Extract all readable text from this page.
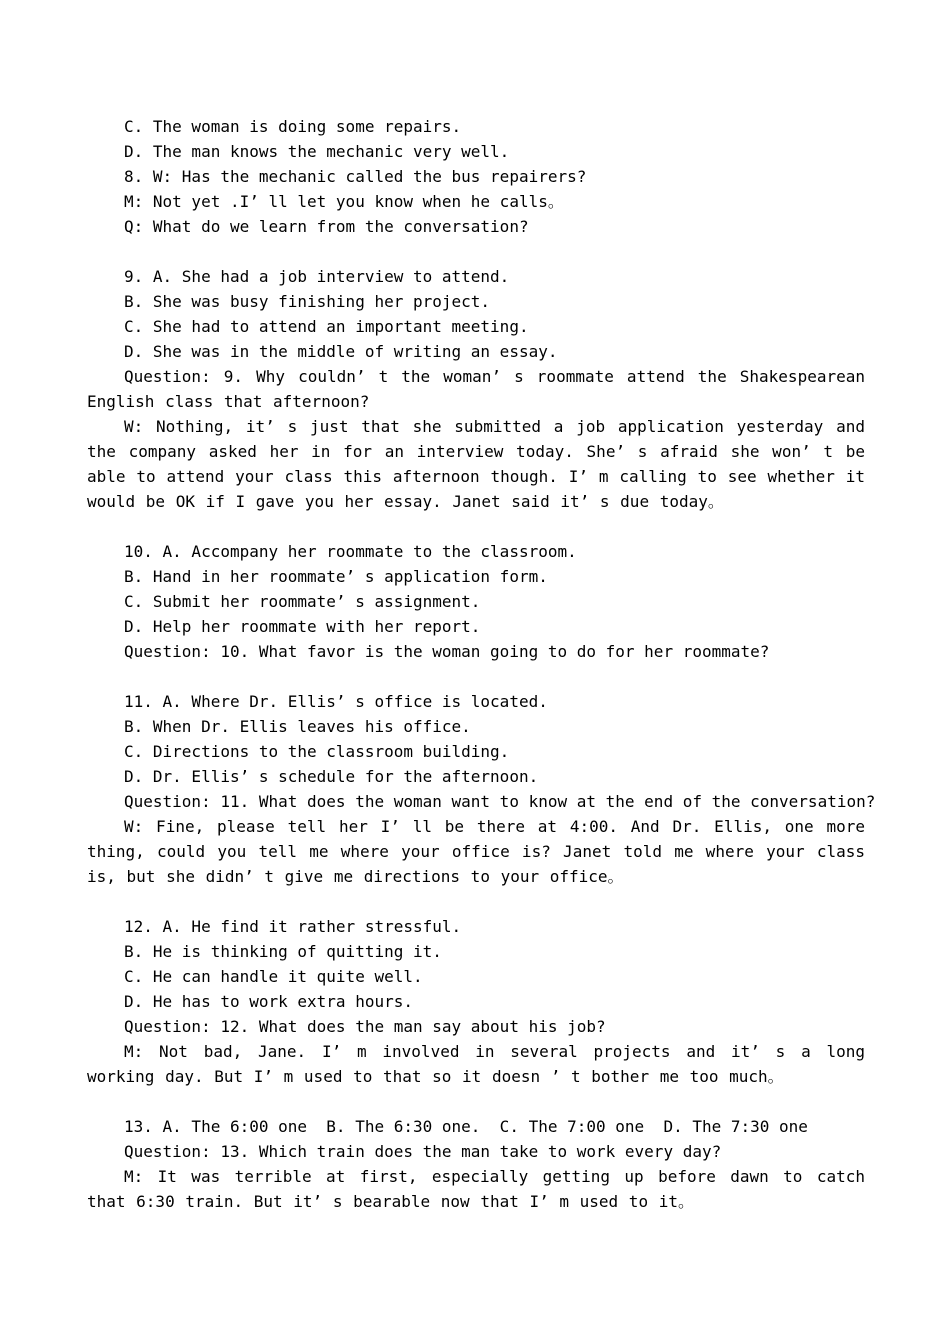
C. The woman is doing some repairs.
D. The man knows the mechanic very well.
8. W: Has the mechanic called the bus repairers?
M: Not yet .I’ ll let you know when he calls。
Q: What do we learn from the conversation?
9. A. She had a job interview to attend.
B. She was busy finishing her project.
C. She had to attend an important meeting.
D. She was in the middle of writing an essay.
Question: 9. Why couldn’ t the woman’ s roommate attend the Shakespearean English class that afternoon?
W: Nothing, it’ s just that she submitted a job application yesterday and the company asked her in for an interview today. She’ s afraid she won’ t be able to attend your class this afternoon though. I’ m calling to see whether it would be OK if I gave you her essay. Janet said it’ s due today。
10. A. Accompany her roommate to the classroom.
B. Hand in her roommate’ s application form.
C. Submit her roommate’ s assignment.
D. Help her roommate with her report.
Question: 10. What favor is the woman going to do for her roommate?
11. A. Where Dr. Ellis’ s office is located.
B. When Dr. Ellis leaves his office.
C. Directions to the classroom building.
D. Dr. Ellis’ s schedule for the afternoon.
Question: 11. What does the woman want to know at the end of the conversation?
W: Fine, please tell her I’ ll be there at 4:00. And Dr. Ellis, one more thing, could you tell me where your office is? Janet told me where your class is, but she didn’ t give me directions to your office。
12. A. He find it rather stressful.
B. He is thinking of quitting it.
C. He can handle it quite well.
D. He has to work extra hours.
Question: 12. What does the man say about his job?
M: Not bad, Jane. I’ m involved in several projects and it’ s a long working day. But I’ m used to that so it doesn ’ t bother me too much。
13. A. The 6:00 one  B. The 6:30 one.  C. The 7:00 one  D. The 7:30 one
Question: 13. Which train does the man take to work every day?
M: It was terrible at first, especially getting up before dawn to catch that 6:30 train. But it’ s bearable now that I’ m used to it。
